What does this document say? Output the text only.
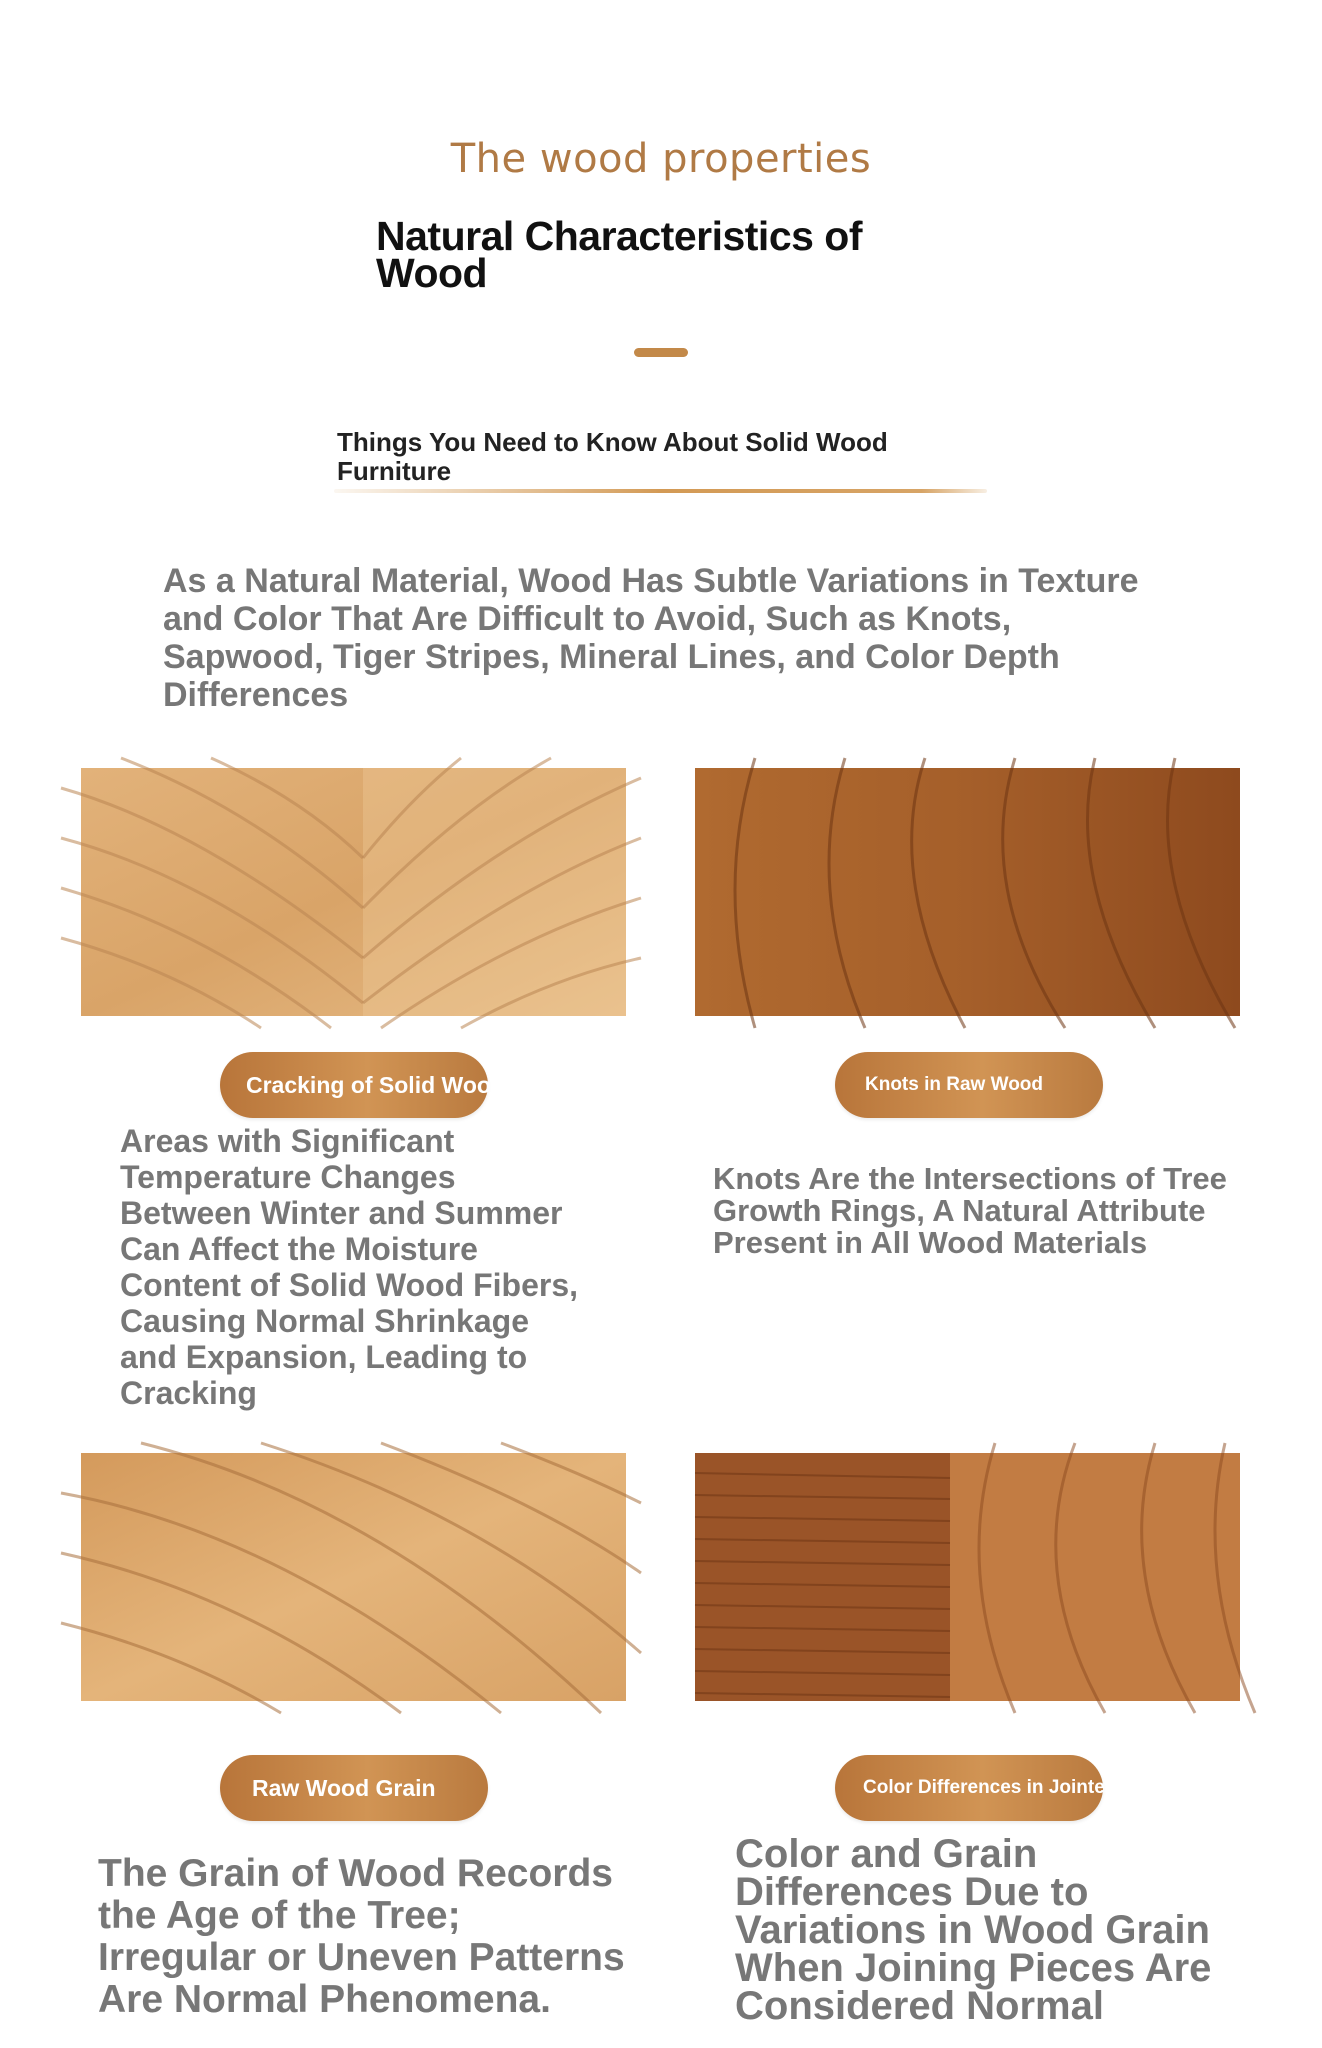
The wood properties
Natural Characteristics of Wood
Things You Need to Know About Solid Wood Furniture
As a Natural Material, Wood Has Subtle Variations in Texture and Color That Are Difficult to Avoid, Such as Knots, Sapwood, Tiger Stripes, Mineral Lines, and Color Depth Differences
Cracking of Solid Wood	Knots in Raw Wood
Raw Wood Grain	Color Differences in Jointed Wood
Areas with Significant Temperature Changes Between Winter and Summer Can Affect the Moisture Content of Solid Wood Fibers, Causing Normal Shrinkage and Expansion, Leading to Cracking
Knots Are the Intersections of Tree Growth Rings, A Natural Attribute Present in All Wood Materials
The Grain of Wood Records the Age of the Tree; Irregular or Uneven Patterns Are Normal Phenomena.
Color and Grain Differences Due to Variations in Wood Grain When Joining Pieces Are Considered Normal
